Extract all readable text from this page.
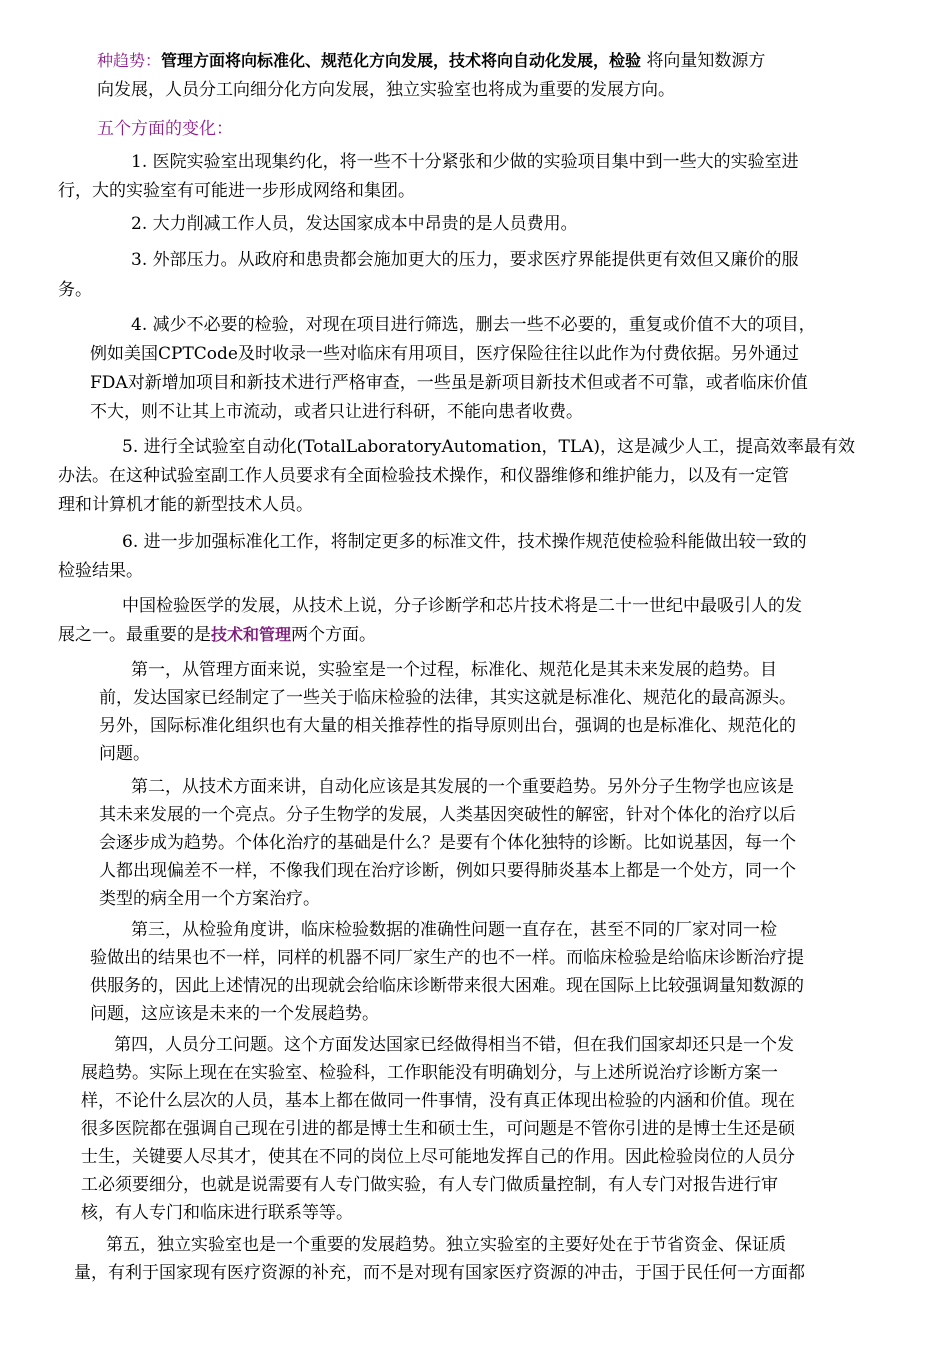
种趋势：管理方面将向标准化、规范化方向发展，技术将向自动化发展，检验 将向量知数源方
向发展，人员分工向细分化方向发展，独立实验室也将成为重要的发展方向。
五个方面的变化：
1. 医院实验室出现集约化，将一些不十分紧张和少做的实验项目集中到一些大的实验室进
行，大的实验室有可能进一步形成网络和集团。
2. 大力削减工作人员，发达国家成本中昂贵的是人员费用。
3. 外部压力。从政府和患贵都会施加更大的压力，要求医疗界能提供更有效但又廉价的服
务。
4. 减少不必要的检验，对现在项目进行筛选，删去一些不必要的，重复或价值不大的项目，
例如美国CPTCode及时收录一些对临床有用项目，医疗保险往往以此作为付费依据。另外通过
FDA对新增加项目和新技术进行严格审查，一些虽是新项目新技术但或者不可靠，或者临床价值
不大，则不让其上市流动，或者只让进行科研，不能向患者收费。
5. 进行全试验室自动化(TotalLaboratoryAutomation，TLA)，这是减少人工，提高效率最有效
办法。在这种试验室副工作人员要求有全面检验技术操作，和仪器维修和维护能力，以及有一定管
理和计算机才能的新型技术人员。
6. 进一步加强标准化工作，将制定更多的标准文件，技术操作规范使检验科能做出较一致的
检验结果。
中国检验医学的发展，从技术上说，分子诊断学和芯片技术将是二十一世纪中最吸引人的发
展之一。最重要的是技术和管理两个方面。
第一，从管理方面来说，实验室是一个过程，标准化、规范化是其未来发展的趋势。目
前，发达国家已经制定了一些关于临床检验的法律，其实这就是标准化、规范化的最高源头。
另外，国际标准化组织也有大量的相关推荐性的指导原则出台，强调的也是标准化、规范化的
问题。
第二，从技术方面来讲，自动化应该是其发展的一个重要趋势。另外分子生物学也应该是
其未来发展的一个亮点。分子生物学的发展，人类基因突破性的解密，针对个体化的治疗以后
会逐步成为趋势。个体化治疗的基础是什么？是要有个体化独特的诊断。比如说基因，每一个
人都出现偏差不一样，不像我们现在治疗诊断，例如只要得肺炎基本上都是一个处方，同一个
类型的病全用一个方案治疗。
第三，从检验角度讲，临床检验数据的准确性问题一直存在，甚至不同的厂家对同一检
验做出的结果也不一样，同样的机器不同厂家生产的也不一样。而临床检验是给临床诊断治疗提
供服务的，因此上述情况的出现就会给临床诊断带来很大困难。现在国际上比较强调量知数源的
问题，这应该是未来的一个发展趋势。
第四，人员分工问题。这个方面发达国家已经做得相当不错，但在我们国家却还只是一个发
展趋势。实际上现在在实验室、检验科，工作职能没有明确划分，与上述所说治疗诊断方案一
样，不论什么层次的人员，基本上都在做同一件事情，没有真正体现出检验的内涵和价值。现在
很多医院都在强调自己现在引进的都是博士生和硕士生，可问题是不管你引进的是博士生还是硕
士生，关键要人尽其才，使其在不同的岗位上尽可能地发挥自己的作用。因此检验岗位的人员分
工必须要细分，也就是说需要有人专门做实验，有人专门做质量控制，有人专门对报告进行审
核，有人专门和临床进行联系等等。
第五，独立实验室也是一个重要的发展趋势。独立实验室的主要好处在于节省资金、保证质
量，有利于国家现有医疗资源的补充，而不是对现有国家医疗资源的冲击，于国于民任何一方面都
